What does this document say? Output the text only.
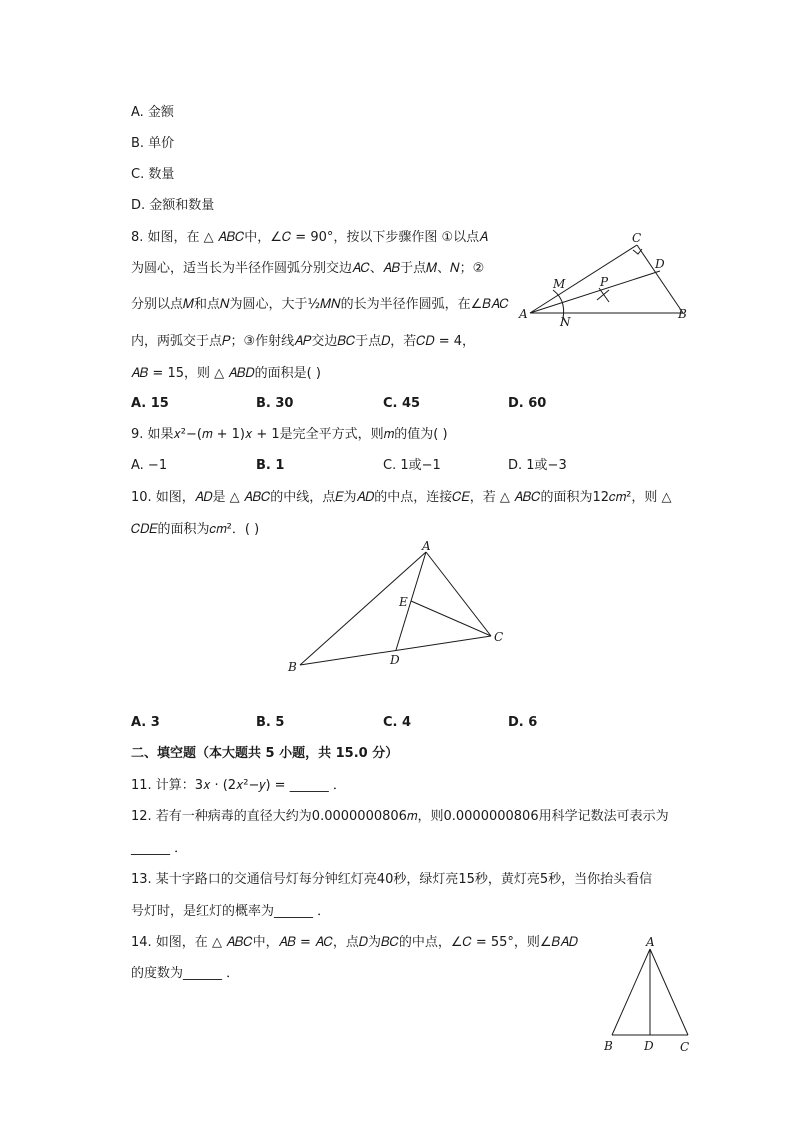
A. 金额
B. 单价
C. 数量
D. 金额和数量
8. 如图，在 △ 𝐴𝐵𝐶中，∠𝐶 = 90°，按以下步骤作图 ①以点𝐴
为圆心，适当长为半径作圆弧分别交边𝐴𝐶、𝐴𝐵于点𝑀、𝑁；②
分别以点𝑀和点𝑁为圆心，大于½𝑀𝑁的长为半径作圆弧，在∠𝐵𝐴𝐶
内，两弧交于点𝑃；③作射线𝐴𝑃交边𝐵𝐶于点𝐷，若𝐶𝐷 = 4，
𝐴𝐵 = 15，则 △ 𝐴𝐵𝐷的面积是( )
A	B
C
D
M
N
P
A. 15	B. 30	C. 45	D. 60
9. 如果𝑥²−(𝑚 + 1)𝑥 + 1是完全平方式，则𝑚的值为( )
A. −1	B. 1	C. 1或−1	D. 1或−3
10. 如图，𝐴𝐷是 △ 𝐴𝐵𝐶的中线，点𝐸为𝐴𝐷的中点，连接𝐶𝐸，若 △ 𝐴𝐵𝐶的面积为12𝑐𝑚²，则 △
𝐶𝐷𝐸的面积为𝑐𝑚²．( )
A
B
C
D
E
A. 3	B. 5	C. 4	D. 6
二、填空题（本大题共 5 小题，共 15.0 分）
11. 计算：3𝑥 · (2𝑥²−𝑦) = ______ ．
12. 若有一种病毒的直径大约为0.0000000806𝑚，则0.0000000806用科学记数法可表示为
______ ．
13. 某十字路口的交通信号灯每分钟红灯亮40秒，绿灯亮15秒，黄灯亮5秒，当你抬头看信
号灯时，是红灯的概率为______ ．
14. 如图，在 △ 𝐴𝐵𝐶中，𝐴𝐵 = 𝐴𝐶，点𝐷为𝐵𝐶的中点，∠𝐶 = 55°，则∠𝐵𝐴𝐷
的度数为______ ．
A
B	D C
